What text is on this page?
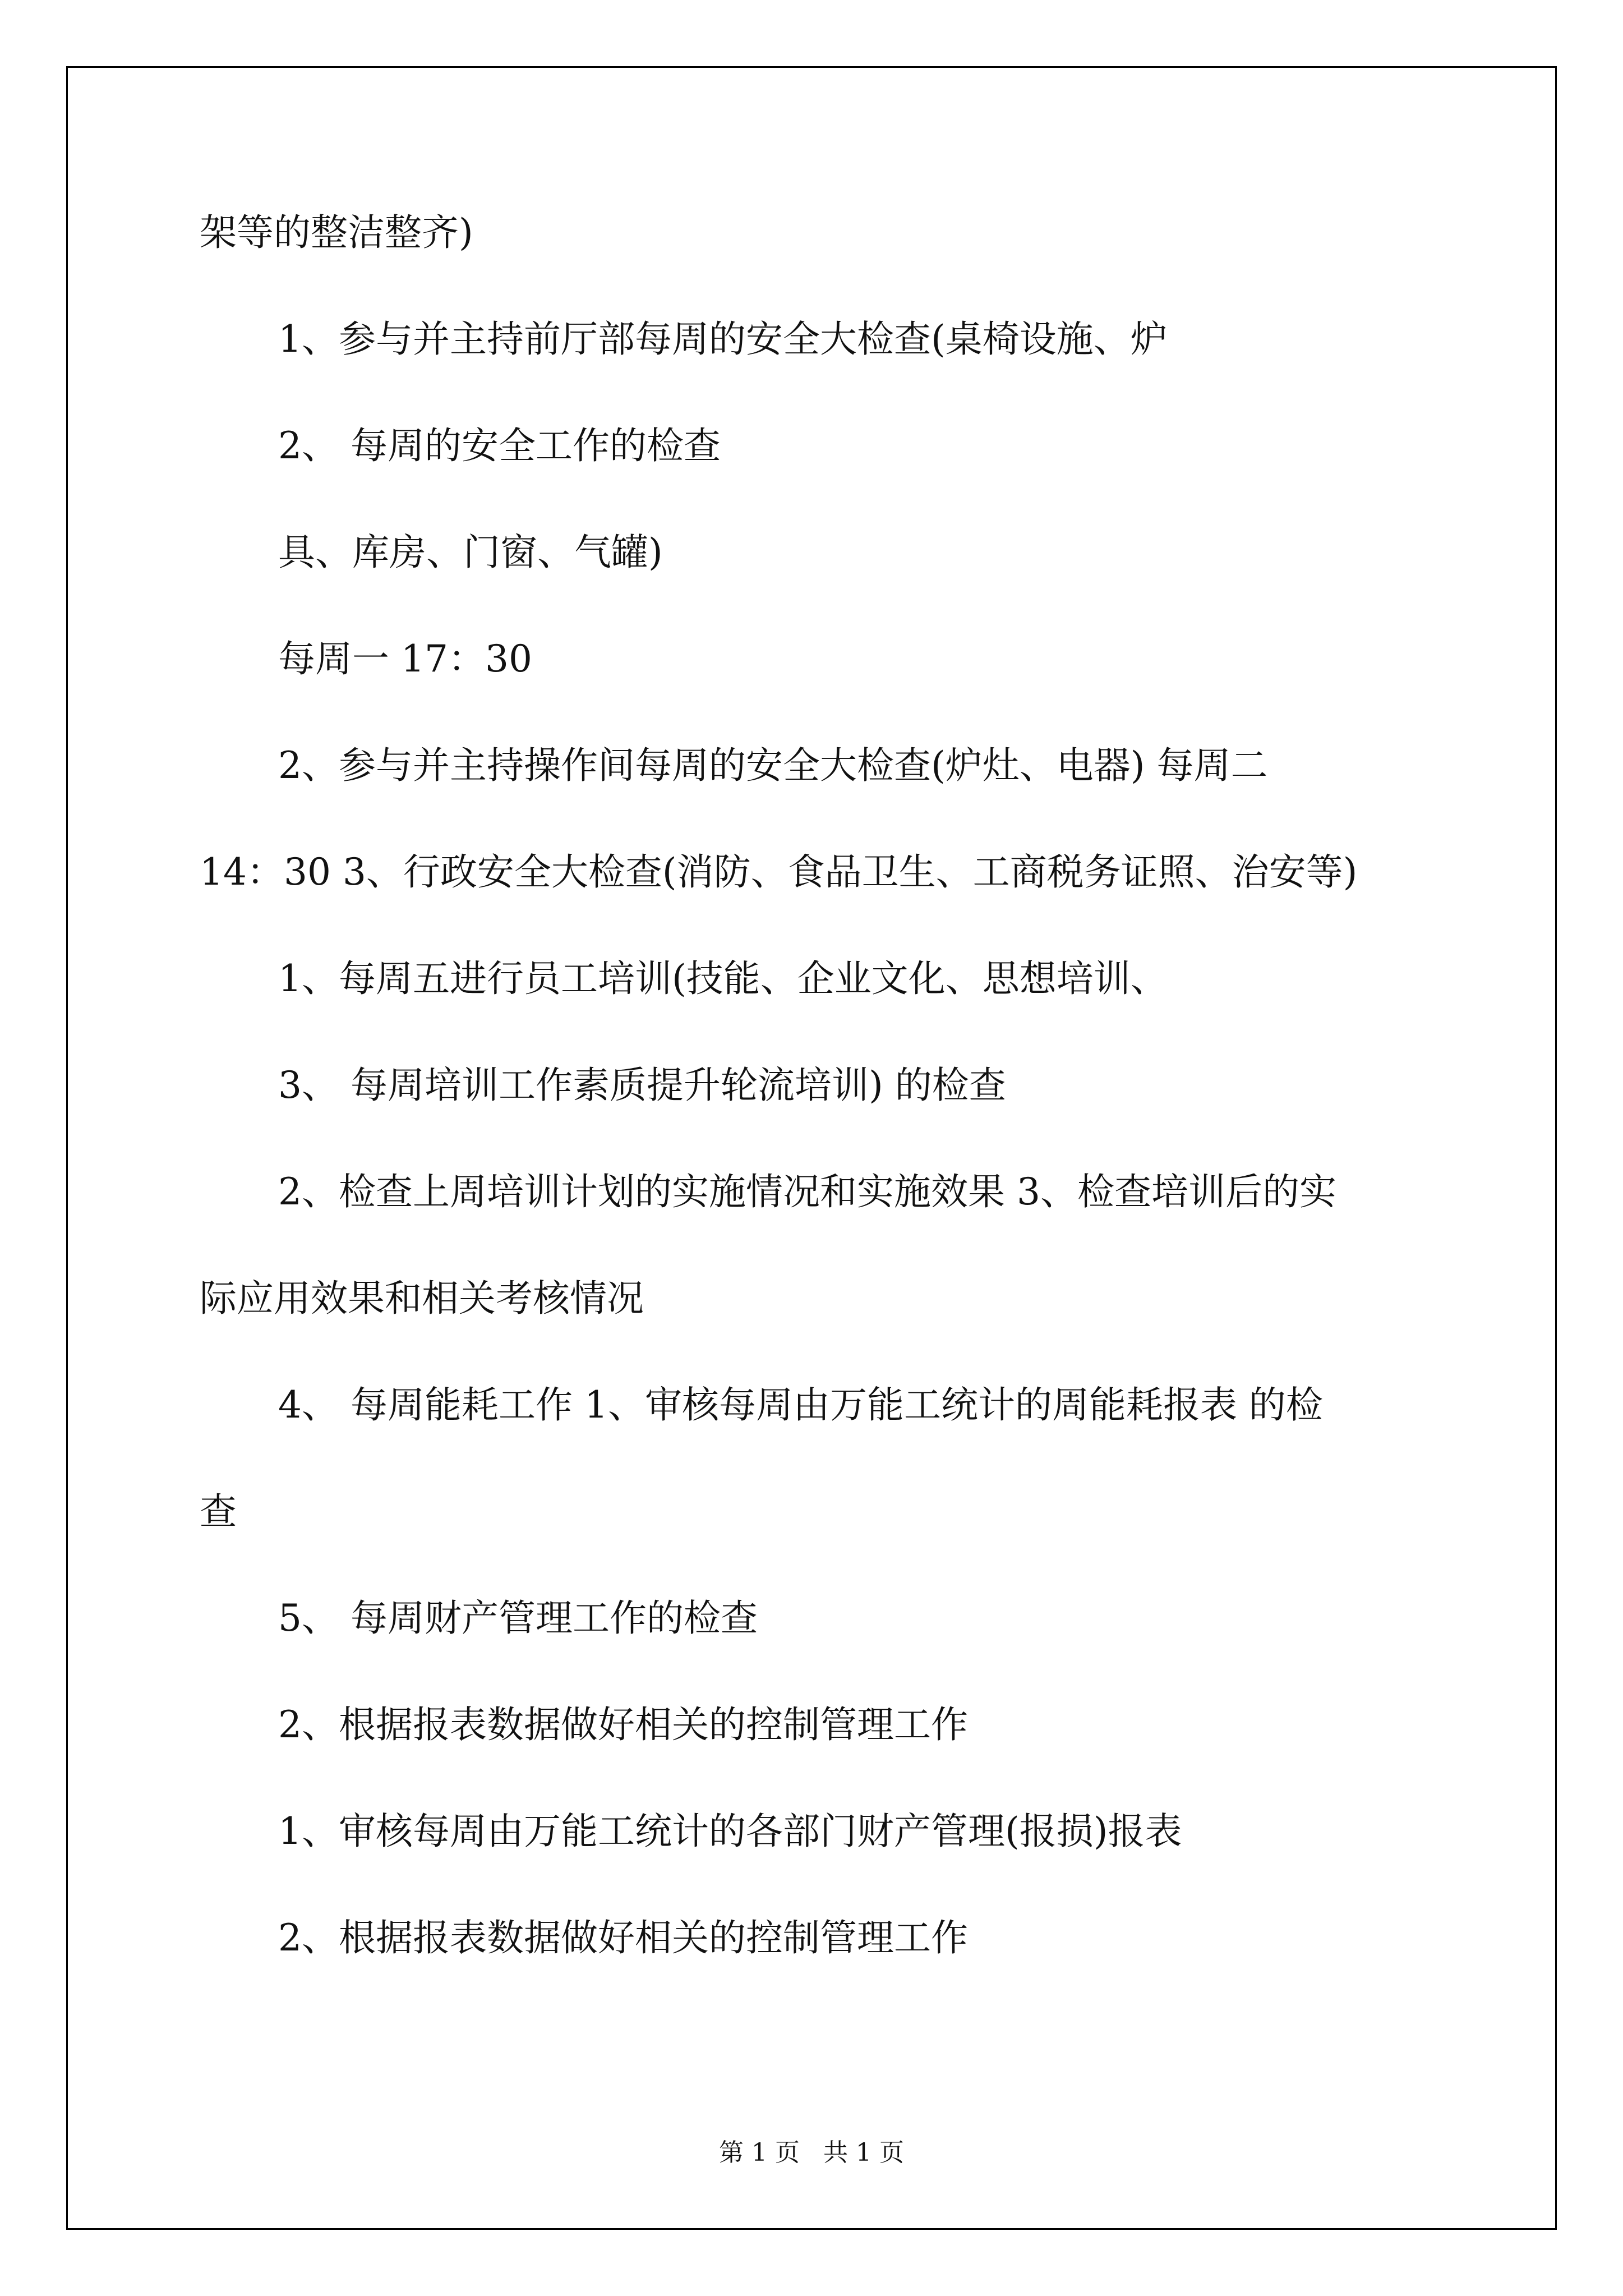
架等的整洁整齐)

1、参与并主持前厅部每周的安全大检查(桌椅设施、炉

2、 每周的安全工作的检查

具、库房、门窗、气罐)

每周一 17：30

2、参与并主持操作间每周的安全大检查(炉灶、电器) 每周二

14：30 3、行政安全大检查(消防、食品卫生、工商税务证照、治安等)

1、每周五进行员工培训(技能、企业文化、思想培训、

3、 每周培训工作素质提升轮流培训) 的检查

2、检查上周培训计划的实施情况和实施效果 3、检查培训后的实

际应用效果和相关考核情况

4、 每周能耗工作 1、审核每周由万能工统计的周能耗报表 的检

查

5、 每周财产管理工作的检查

2、根据报表数据做好相关的控制管理工作

1、审核每周由万能工统计的各部门财产管理(报损)报表

2、根据报表数据做好相关的控制管理工作

第 1 页   共 1 页
